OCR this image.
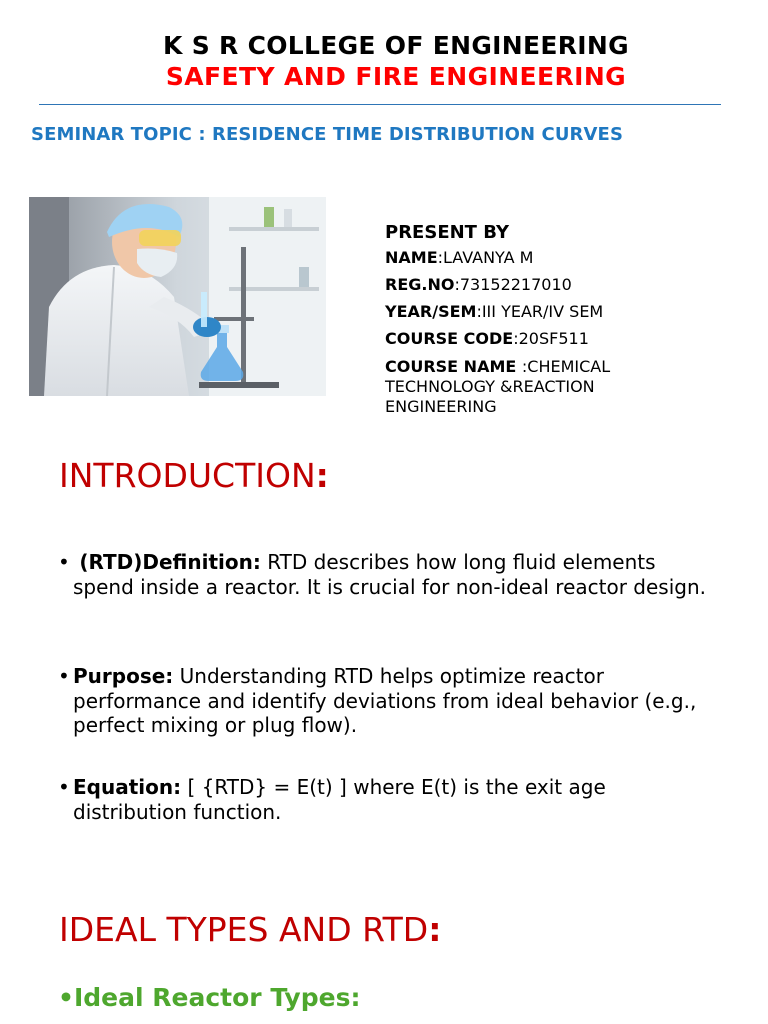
K S R COLLEGE OF ENGINEERING
SAFETY AND FIRE ENGINEERING
SEMINAR TOPIC : RESIDENCE TIME DISTRIBUTION CURVES
PRESENT BY
NAME:LAVANYA M
REG.NO:73152217010
YEAR/SEM:III YEAR/IV SEM
COURSE CODE:20SF511
COURSE NAME :CHEMICAL TECHNOLOGY &REACTION ENGINEERING
INTRODUCTION:
• (RTD)Definition: RTD describes how long fluid elements spend inside a reactor. It is crucial for non-ideal reactor design.
• Purpose: Understanding RTD helps optimize reactor performance and identify deviations from ideal behavior (e.g., perfect mixing or plug flow).
• Equation: [ {RTD} = E(t) ] where E(t) is the exit age distribution function.
IDEAL TYPES AND RTD:
•Ideal Reactor Types:
